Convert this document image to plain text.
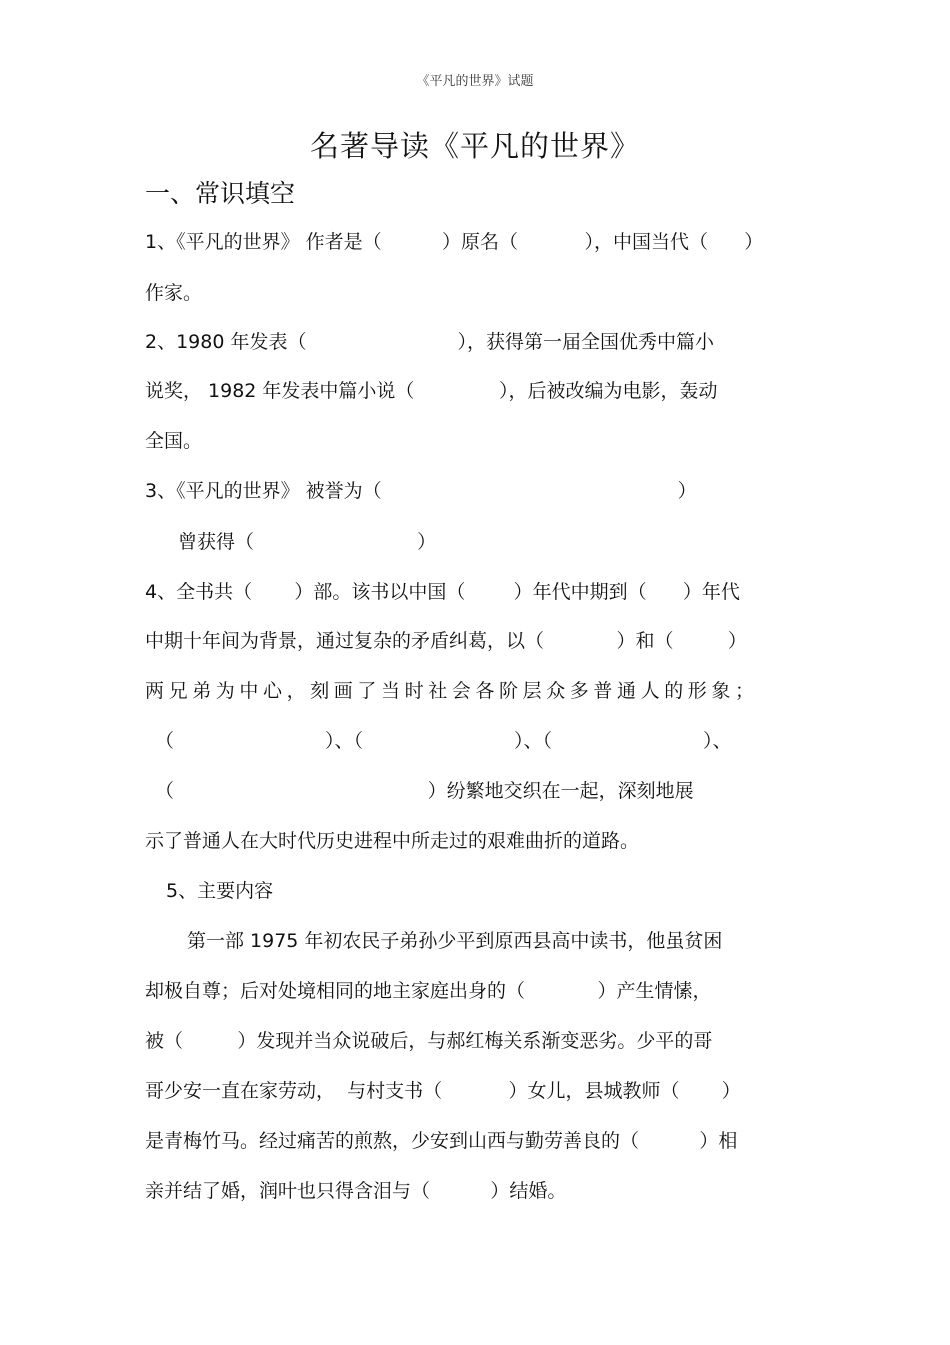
《平凡的世界》试题
名著导读《平凡的世界》
一、常识填空
1、《平凡的世界》 作者是（          ）原名（           ），中国当代（      ）
作家。
2、1980 年发表（                         ），获得第一届全国优秀中篇小
说奖， 1982 年发表中篇小说（              ），后被改编为电影，轰动
全国。
3、《平凡的世界》 被誉为（                                                 ）
曾获得（                           ）
4、全书共（       ）部。该书以中国（        ）年代中期到（      ）年代
中期十年间为背景，通过复杂的矛盾纠葛，以（            ）和（         ）
两兄弟为中心，刻画了当时社会各阶层众多普通人的形象；
（                         ）、（                         ）、（                         ）、
（                                          ）纷繁地交织在一起，深刻地展
示了普通人在大时代历史进程中所走过的艰难曲折的道路。
5、主要内容
第一部 1975 年初农民子弟孙少平到原西县高中读书，他虽贫困
却极自尊；后对处境相同的地主家庭出身的（            ）产生情愫，
被（         ）发现并当众说破后，与郝红梅关系渐变恶劣。少平的哥
哥少安一直在家劳动，  与村支书（           ）女儿，县城教师（       ）
是青梅竹马。经过痛苦的煎熬，少安到山西与勤劳善良的（          ）相
亲并结了婚，润叶也只得含泪与（          ）结婚。
